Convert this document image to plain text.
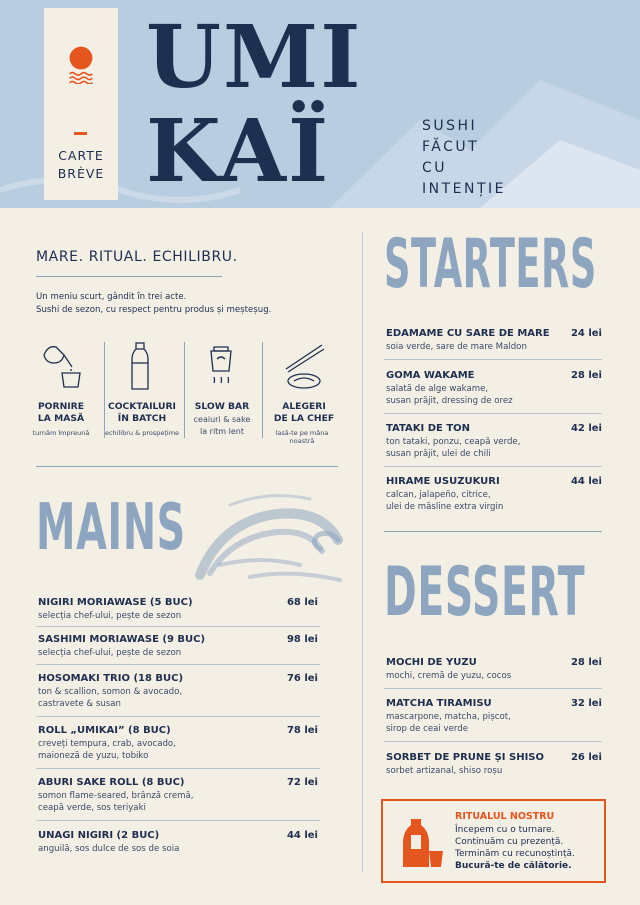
CARTE
BRÈVE
UMI
KAÏ	SUSHI
FĂCUT
CU
INTENȚIE
MARE. RITUAL. ECHILIBRU.
Un meniu scurt, gândit în trei acte.
Sushi de sezon, cu respect pentru produs și meșteșug.
PORNIRE
LA MASĂ
turnăm împreună
COCKTAILURI
ÎN BATCH
echilibru & prospețime
SLOW BAR
ceaiuri & sake
la ritm lent
ALEGERI
DE LA CHEF
lasă-te pe mâna noastră
MAINS
NIGIRI MORIAWASE (5 BUC)	68 lei
selecția chef-ului, pește de sezon
SASHIMI MORIAWASE (9 BUC)	98 lei
selecția chef-ului, pește de sezon
HOSOMAKI TRIO (18 BUC)	76 lei
ton & scallion, somon & avocado,
castravete & susan
ROLL „UMIKAI” (8 BUC)	78 lei
creveți tempura, crab, avocado,
maioneză de yuzu, tobiko
ABURI SAKE ROLL (8 BUC)	72 lei
somon flame-seared, brânză cremă,
ceapă verde, sos teriyaki
UNAGI NIGIRI (2 BUC)	44 lei
anguilă, sos dulce de sos de soia
STARTERS
EDAMAME CU SARE DE MARE	24 lei
soia verde, sare de mare Maldon
GOMA WAKAME	28 lei
salată de alge wakame,
susan prăjit, dressing de orez
TATAKI DE TON	42 lei
ton tataki, ponzu, ceapă verde,
susan prăjit, ulei de chili
HIRAME USUZUKURI	44 lei
calcan, jalapeño, citrice,
ulei de măsline extra virgin
DESSERT
MOCHI DE YUZU	28 lei
mochi, cremă de yuzu, cocos
MATCHA TIRAMISU	32 lei
mascarpone, matcha, pișcot,
sirop de ceai verde
SORBET DE PRUNE ȘI SHISO	26 lei
sorbet artizanal, shiso roșu
RITUALUL NOSTRU
Începem cu o turnare.
Continuăm cu prezență.
Terminăm cu recunoștință.
Bucură-te de călătorie.
